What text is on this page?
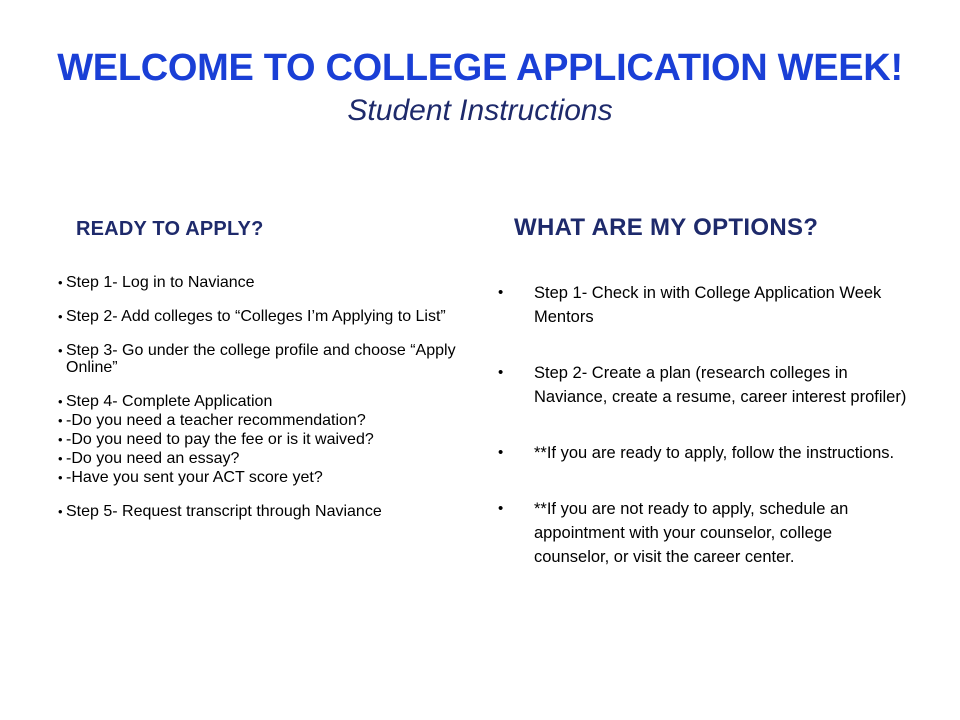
WELCOME TO COLLEGE APPLICATION WEEK!
Student Instructions
READY TO APPLY?	WHAT ARE MY OPTIONS?
• Step 1- Log in to Naviance
• Step 2- Add colleges to “Colleges I’m Applying to List”
• Step 3- Go under the college profile and choose “Apply Online”
• Step 4- Complete Application
• -Do you need a teacher recommendation?
• -Do you need to pay the fee or is it waived?
• -Do you need an essay?
• -Have you sent your ACT score yet?
• Step 5- Request transcript through Naviance
• Step 1- Check in with College Application Week Mentors
• Step 2- Create a plan (research colleges in Naviance, create a resume, career interest profiler)
• **If you are ready to apply, follow the instructions.
• **If you are not ready to apply, schedule an appointment with your counselor, college counselor, or visit the career center.
